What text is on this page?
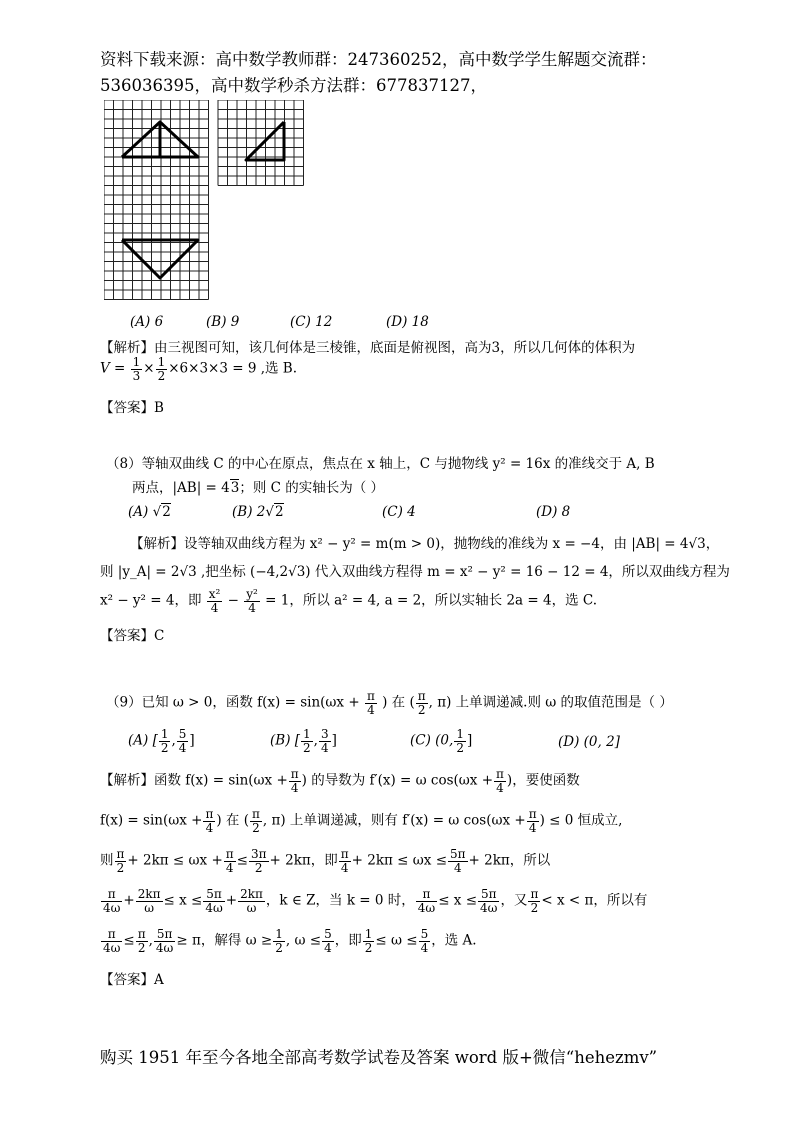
资料下载来源：高中数学教师群：247360252，高中数学学生解题交流群：
536036395，高中数学秒杀方法群：677837127，
(A) 6	(B) 9	(C) 12	(D) 18
【解析】由三视图可知，该几何体是三棱锥，底面是俯视图，高为3，所以几何体的体积为
$V = \frac{1}{3} \times \frac{1}{2} \times 6\times 3\times 3 = 9$ ,选 B.
【答案】B
（8）等轴双曲线 C 的中心在原点，焦点在 x 轴上，C 与抛物线 y² = 16x 的准线交于 A, B
两点，|AB| = 43；则 C 的实轴长为（ ）
(A) √2	(B) 2√2	(C) 4	(D) 8
【解析】设等轴双曲线方程为 x² − y² = m(m > 0)，抛物线的准线为 x = −4，由 |AB| = 4√3，
则 |y_A| = 2√3 ,把坐标 (−4,2√3) 代入双曲线方程得 m = x² − y² = 16 − 12 = 4，所以双曲线方程为
x² − y² = 4，即 $\frac{\text{x²}}{4} - \frac{\text{y²}}{4} = 1$，所以 a² = 4, a = 2，所以实轴长 2a = 4，选 C.
【答案】C
（9）已知 ω > 0，函数 $f(x) = \sin(\omega x + \frac{\pi}{4}$ ) 在 ( $\frac{\pi}{2}$ , π) 上单调递减.则 ω 的取值范围是（ ）
(A) [ $\frac{1}{2}$ , $\frac{5}{4}$ ]	(B) [ $\frac{1}{2}$ , $\frac{3}{4}$ ]	(C) (0, $\frac{1}{2}$ ]	(D) (0, 2]
【解析】函数 $f(x) = \sin(\omega x + \frac{\pi}{4}$ ) 的导数为 f′(x) = ω $\cos(\omega x + \frac{\pi}{4}$ )，要使函数
$f(x) = \sin(\omega x + \frac{\pi}{4}$ ) 在 ( $\frac{\pi}{2}$ , π) 上单调递减，则有 f′(x) = ω $\cos(\omega x + \frac{\pi}{4}$ ) ≤ 0 恒成立,
则 $\frac{\pi}{2} + 2k\pi \le \omega x + \frac{\pi}{4} \le \frac{3\pi}{2} + 2k\pi$，即 $\frac{\pi}{4} + 2k\pi \le \omega x \le \frac{5\pi}{4} + 2k\pi$，所以
$\frac{\pi}{4\omega} + \frac{2k\pi}{\omega} \le x \le \frac{5\pi}{4\omega} + \frac{2k\pi}{\omega}$ ，k ∈ Z，当 k = 0 时， $\frac{\pi}{4\omega} \le x \le \frac{5\pi}{4\omega}$ ，又 $\frac{\pi}{2} < x < \pi$，所以有
$\frac{\pi}{4\omega} \le \frac{\pi}{2}$ , $\frac{5\pi}{4\omega} \ge \pi$，解得 $\omega \ge \frac{1}{2}$ , $\omega \le \frac{5}{4}$ ，即 $\frac{1}{2} \le \omega \le \frac{5}{4}$ ，选 A.
【答案】A
购买 1951 年至今各地全部高考数学试卷及答案 word 版+微信“hehezmv”
